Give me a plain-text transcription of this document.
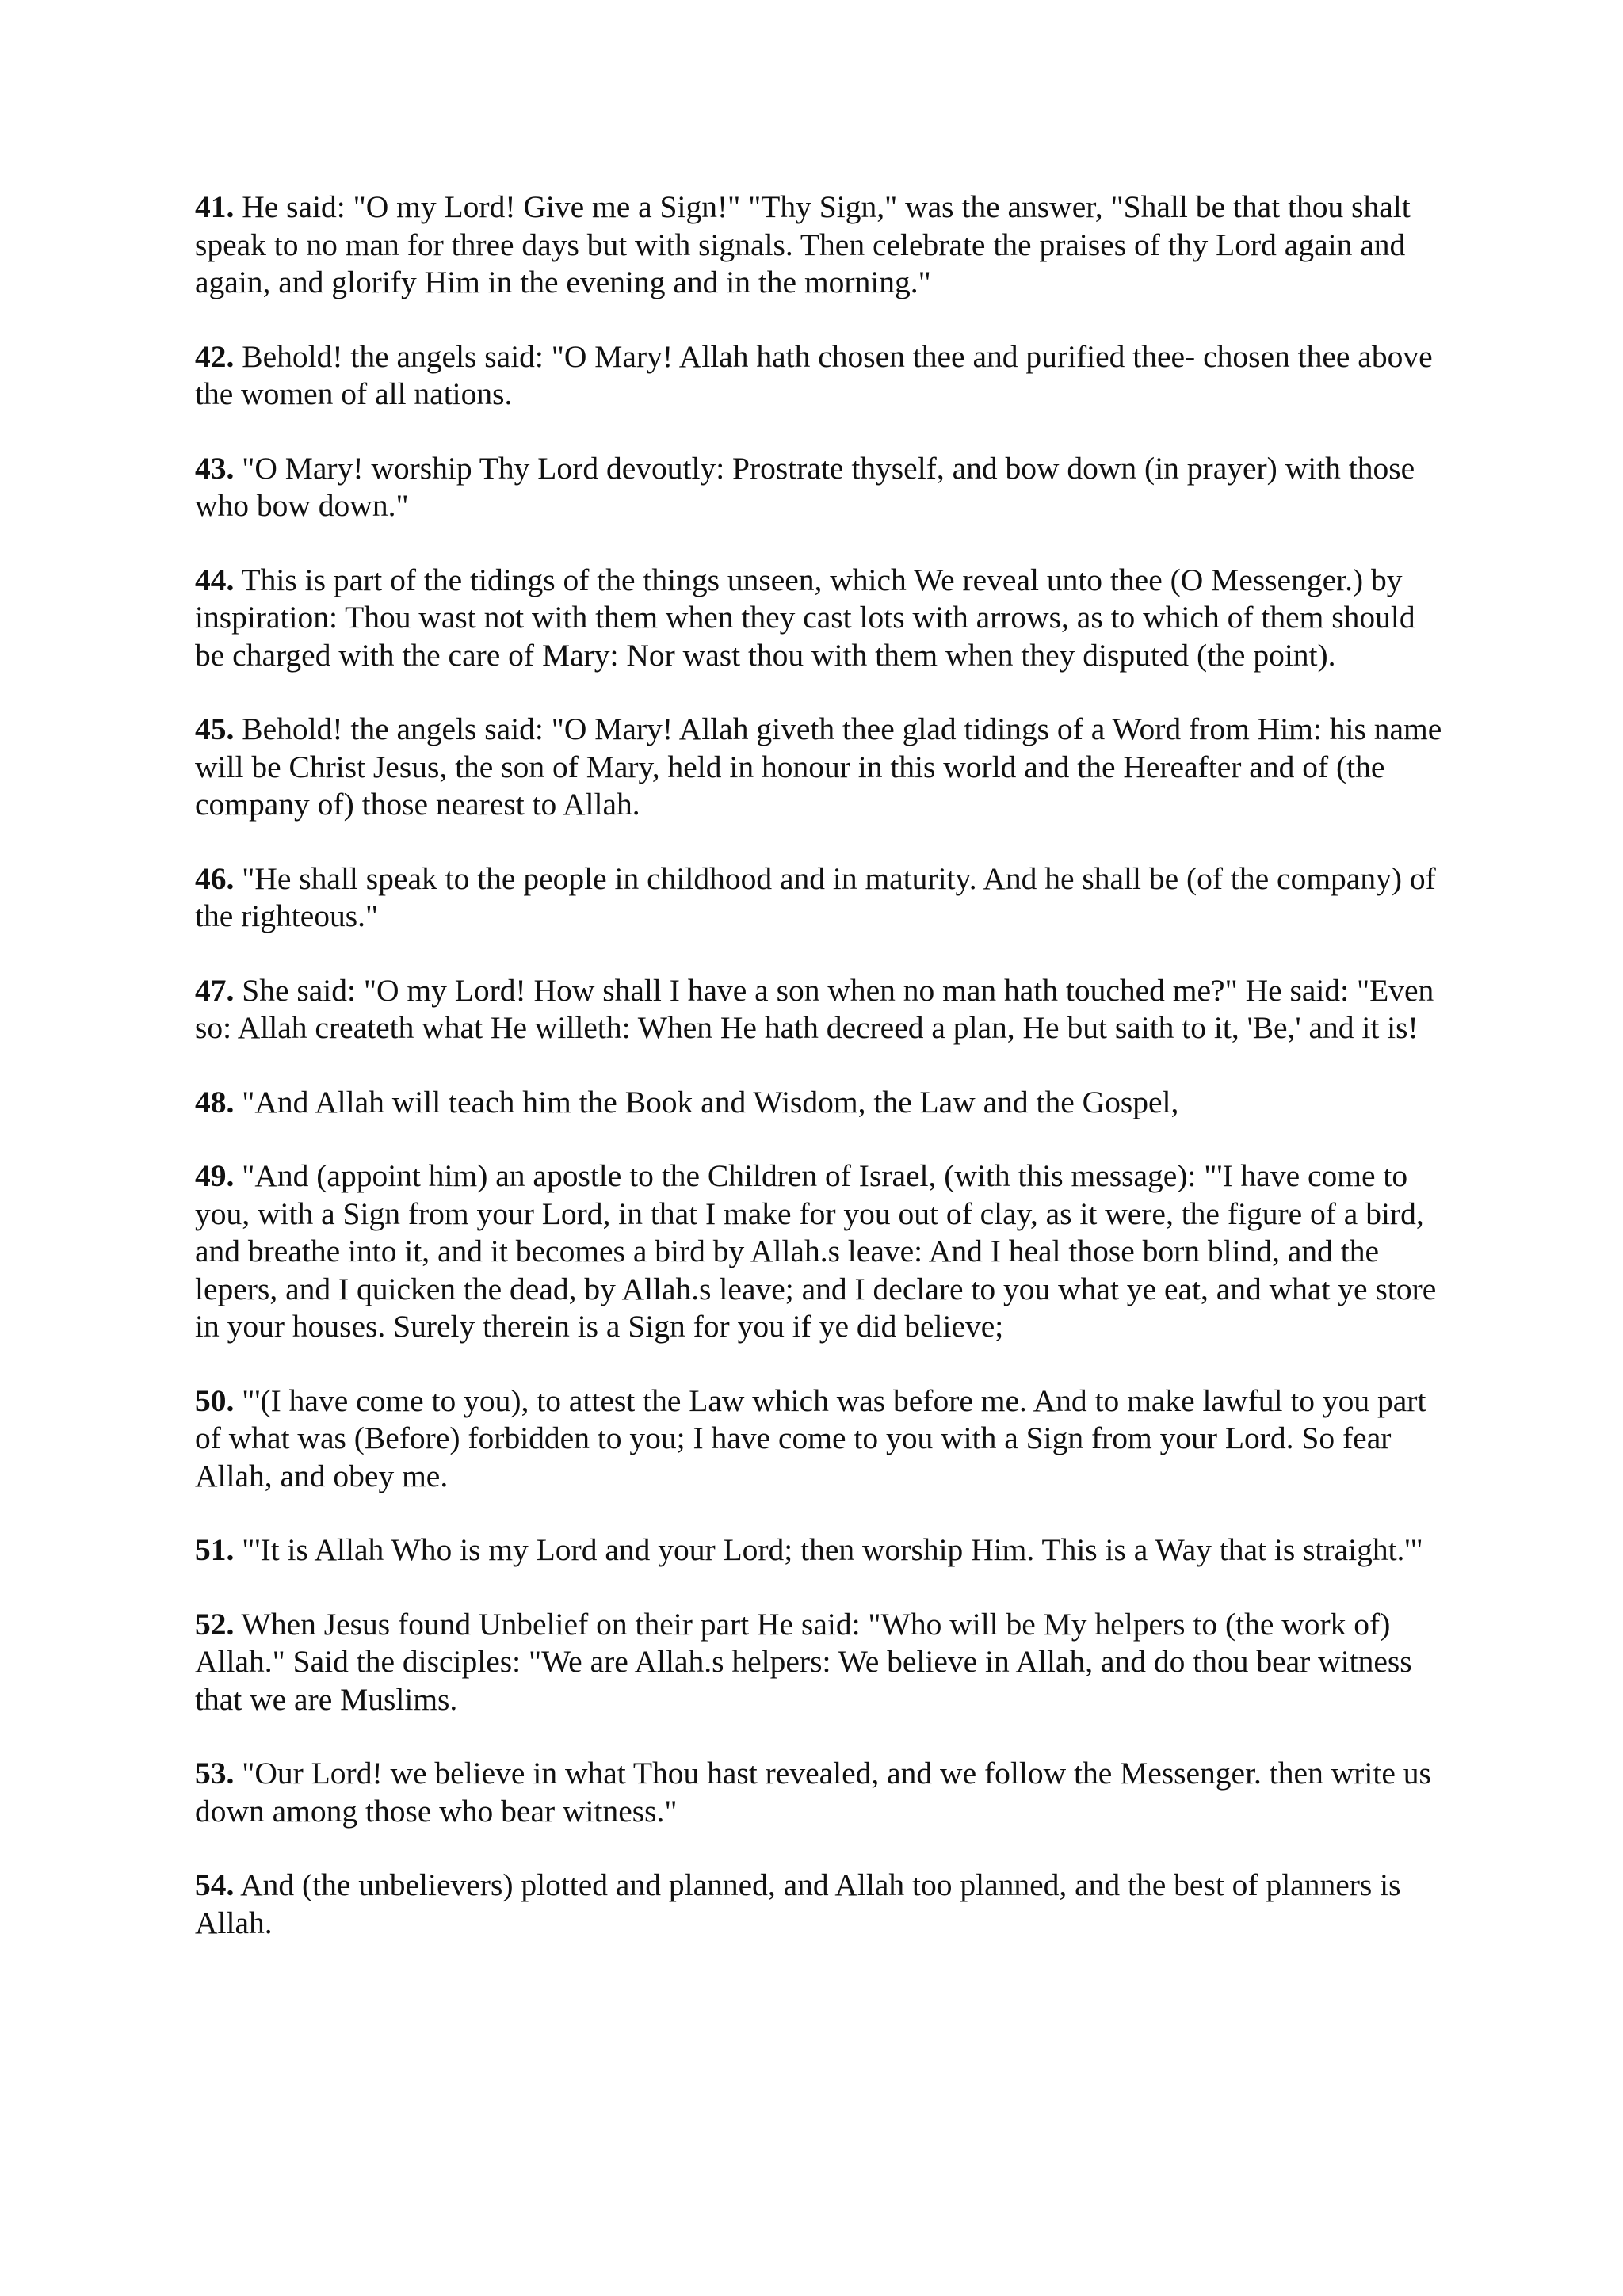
41. He said: "O my Lord! Give me a Sign!" "Thy Sign," was the answer, "Shall be that thou shalt speak to no man for three days but with signals. Then celebrate the praises of thy Lord again and again, and glorify Him in the evening and in the morning."

42. Behold! the angels said: "O Mary! Allah hath chosen thee and purified thee- chosen thee above the women of all nations.

43. "O Mary! worship Thy Lord devoutly: Prostrate thyself, and bow down (in prayer) with those who bow down."

44. This is part of the tidings of the things unseen, which We reveal unto thee (O Messenger.) by inspiration: Thou wast not with them when they cast lots with arrows, as to which of them should be charged with the care of Mary: Nor wast thou with them when they disputed (the point).

45. Behold! the angels said: "O Mary! Allah giveth thee glad tidings of a Word from Him: his name will be Christ Jesus, the son of Mary, held in honour in this world and the Hereafter and of (the company of) those nearest to Allah.

46. "He shall speak to the people in childhood and in maturity. And he shall be (of the company) of the righteous."

47. She said: "O my Lord! How shall I have a son when no man hath touched me?" He said: "Even so: Allah createth what He willeth: When He hath decreed a plan, He but saith to it, 'Be,' and it is!

48. "And Allah will teach him the Book and Wisdom, the Law and the Gospel,

49. "And (appoint him) an apostle to the Children of Israel, (with this message): "'I have come to you, with a Sign from your Lord, in that I make for you out of clay, as it were, the figure of a bird, and breathe into it, and it becomes a bird by Allah.s leave: And I heal those born blind, and the lepers, and I quicken the dead, by Allah.s leave; and I declare to you what ye eat, and what ye store in your houses. Surely therein is a Sign for you if ye did believe;

50. "'(I have come to you), to attest the Law which was before me. And to make lawful to you part of what was (Before) forbidden to you; I have come to you with a Sign from your Lord. So fear Allah, and obey me.

51. "'It is Allah Who is my Lord and your Lord; then worship Him. This is a Way that is straight.'"

52. When Jesus found Unbelief on their part He said: "Who will be My helpers to (the work of) Allah." Said the disciples: "We are Allah.s helpers: We believe in Allah, and do thou bear witness that we are Muslims.

53. "Our Lord! we believe in what Thou hast revealed, and we follow the Messenger. then write us down among those who bear witness."

54. And (the unbelievers) plotted and planned, and Allah too planned, and the best of planners is Allah.
